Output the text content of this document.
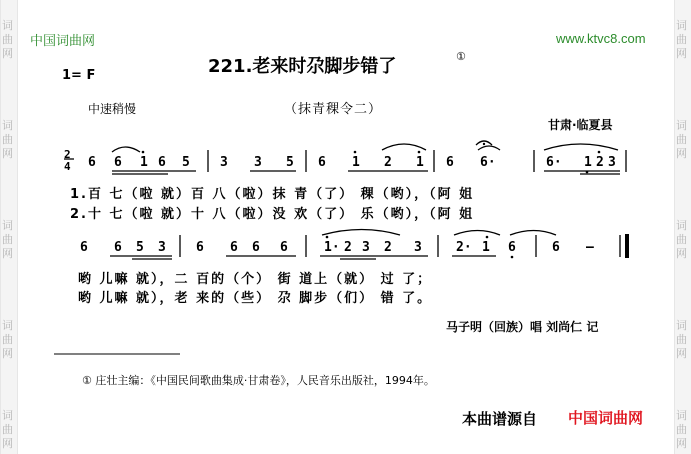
词
曲
网
词
曲
网
词
曲
网
词
曲
网
词
曲
网
词
曲
网
词
曲
网
词
曲
网
词
曲
网
词
曲
网
中国词曲网	www.ktvc8.com
221.老来时尕脚步错了	①
1= F
中速稍慢	（抹青稞令二）
甘肃·临夏县
2
4 6 6 1 6 5 3 3 5 6 1 2 1 6 6·	6· 1 2 3
1.百 七（啦 就）百 八（啦）抹 青（了） 稞（哟），（阿 姐
2.十 七（啦 就）十 八（啦）没 欢（了） 乐（哟），（阿 姐
6 6 5 3 6 6 6 6	1· 2 3 2 3	2· 1 6	6 —
哟 儿嘛 就），二 百的（个） 街 道上（就） 过 了；
哟 儿嘛 就），老 来的（些） 尕 脚步（们） 错 了。
马子明（回族）唱 刘尚仁 记
① 庄壮主编：《中国民间歌曲集成·甘肃卷》，人民音乐出版社，1994年。
本曲谱源自 中国词曲网
